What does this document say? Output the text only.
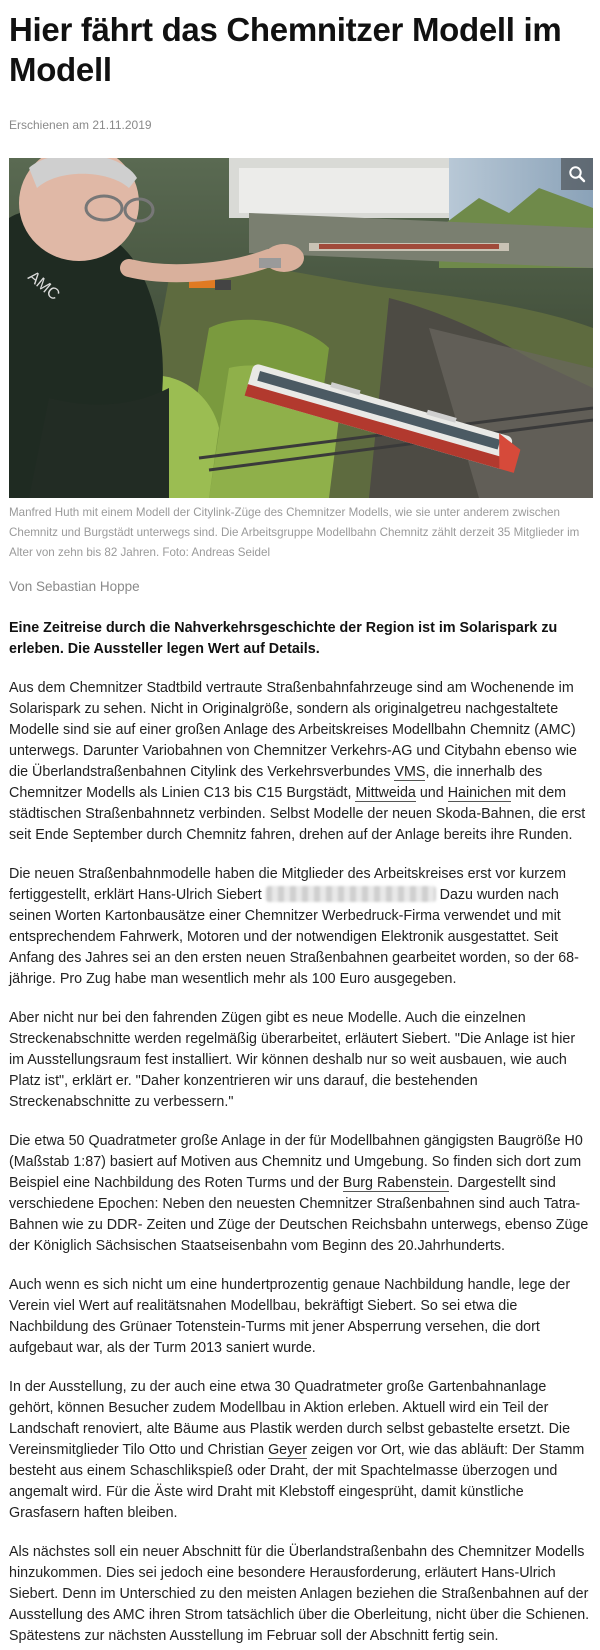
Hier fährt das Chemnitzer Modell im Modell
Erschienen am 21.11.2019
AMC
Manfred Huth mit einem Modell der Citylink-Züge des Chemnitzer Modells, wie sie unter anderem zwischen Chemnitz und Burgstädt unterwegs sind. Die Arbeitsgruppe Modellbahn Chemnitz zählt derzeit 35 Mitglieder im Alter von zehn bis 82 Jahren. Foto: Andreas Seidel
Von Sebastian Hoppe
Eine Zeitreise durch die Nahverkehrsgeschichte der Region ist im Solarispark zu erleben. Die Aussteller legen Wert auf Details.

Aus dem Chemnitzer Stadtbild vertraute Straßenbahnfahrzeuge sind am Wochenende im Solarispark zu sehen. Nicht in Originalgröße, sondern als originalgetreu nachgestaltete Modelle sind sie auf einer großen Anlage des Arbeitskreises Modellbahn Chemnitz (AMC) unterwegs. Darunter Variobahnen von Chemnitzer Verkehrs-AG und Citybahn ebenso wie die Überlandstraßenbahnen Citylink des Verkehrsverbundes VMS, die innerhalb des Chemnitzer Modells als Linien C13 bis C15 Burgstädt, Mittweida und Hainichen mit dem städtischen Straßenbahnnetz verbinden. Selbst Modelle der neuen Skoda-Bahnen, die erst seit Ende September durch Chemnitz fahren, drehen auf der Anlage bereits ihre Runden.

Die neuen Straßenbahnmodelle haben die Mitglieder des Arbeitskreises erst vor kurzem fertiggestellt, erklärt Hans-Ulrich Siebert	Dazu wurden nach seinen Worten Kartonbausätze einer Chemnitzer Werbedruck-Firma verwendet und mit entsprechendem Fahrwerk, Motoren und der notwendigen Elektronik ausgestattet. Seit Anfang des Jahres sei an den ersten neuen Straßenbahnen gearbeitet worden, so der 68-jährige. Pro Zug habe man wesentlich mehr als 100 Euro ausgegeben.

Aber nicht nur bei den fahrenden Zügen gibt es neue Modelle. Auch die einzelnen Streckenabschnitte werden regelmäßig überarbeitet, erläutert Siebert. "Die Anlage ist hier im Ausstellungsraum fest installiert. Wir können deshalb nur so weit ausbauen, wie auch Platz ist", erklärt er. "Daher konzentrieren wir uns darauf, die bestehenden Streckenabschnitte zu verbessern."

Die etwa 50 Quadratmeter große Anlage in der für Modellbahnen gängigsten Baugröße H0 (Maßstab 1:87) basiert auf Motiven aus Chemnitz und Umgebung. So finden sich dort zum Beispiel eine Nachbildung des Roten Turms und der Burg Rabenstein. Dargestellt sind verschiedene Epochen: Neben den neuesten Chemnitzer Straßenbahnen sind auch Tatra-Bahnen wie zu DDR- Zeiten und Züge der Deutschen Reichsbahn unterwegs, ebenso Züge der Königlich Sächsischen Staatseisenbahn vom Beginn des 20.Jahrhunderts.

Auch wenn es sich nicht um eine hundertprozentig genaue Nachbildung handle, lege der Verein viel Wert auf realitätsnahen Modellbau, bekräftigt Siebert. So sei etwa die Nachbildung des Grünaer Totenstein-Turms mit jener Absperrung versehen, die dort aufgebaut war, als der Turm 2013 saniert wurde.

In der Ausstellung, zu der auch eine etwa 30 Quadratmeter große Gartenbahnanlage gehört, können Besucher zudem Modellbau in Aktion erleben. Aktuell wird ein Teil der Landschaft renoviert, alte Bäume aus Plastik werden durch selbst gebastelte ersetzt. Die Vereinsmitglieder Tilo Otto und Christian Geyer zeigen vor Ort, wie das abläuft: Der Stamm besteht aus einem Schaschlikspieß oder Draht, der mit Spachtelmasse überzogen und angemalt wird. Für die Äste wird Draht mit Klebstoff eingesprüht, damit künstliche Grasfasern haften bleiben.

Als nächstes soll ein neuer Abschnitt für die Überlandstraßenbahn des Chemnitzer Modells hinzukommen. Dies sei jedoch eine besondere Herausforderung, erläutert Hans-Ulrich Siebert. Denn im Unterschied zu den meisten Anlagen beziehen die Straßenbahnen auf der Ausstellung des AMC ihren Strom tatsächlich über die Oberleitung, nicht über die Schienen. Spätestens zur nächsten Ausstellung im Februar soll der Abschnitt fertig sein.
